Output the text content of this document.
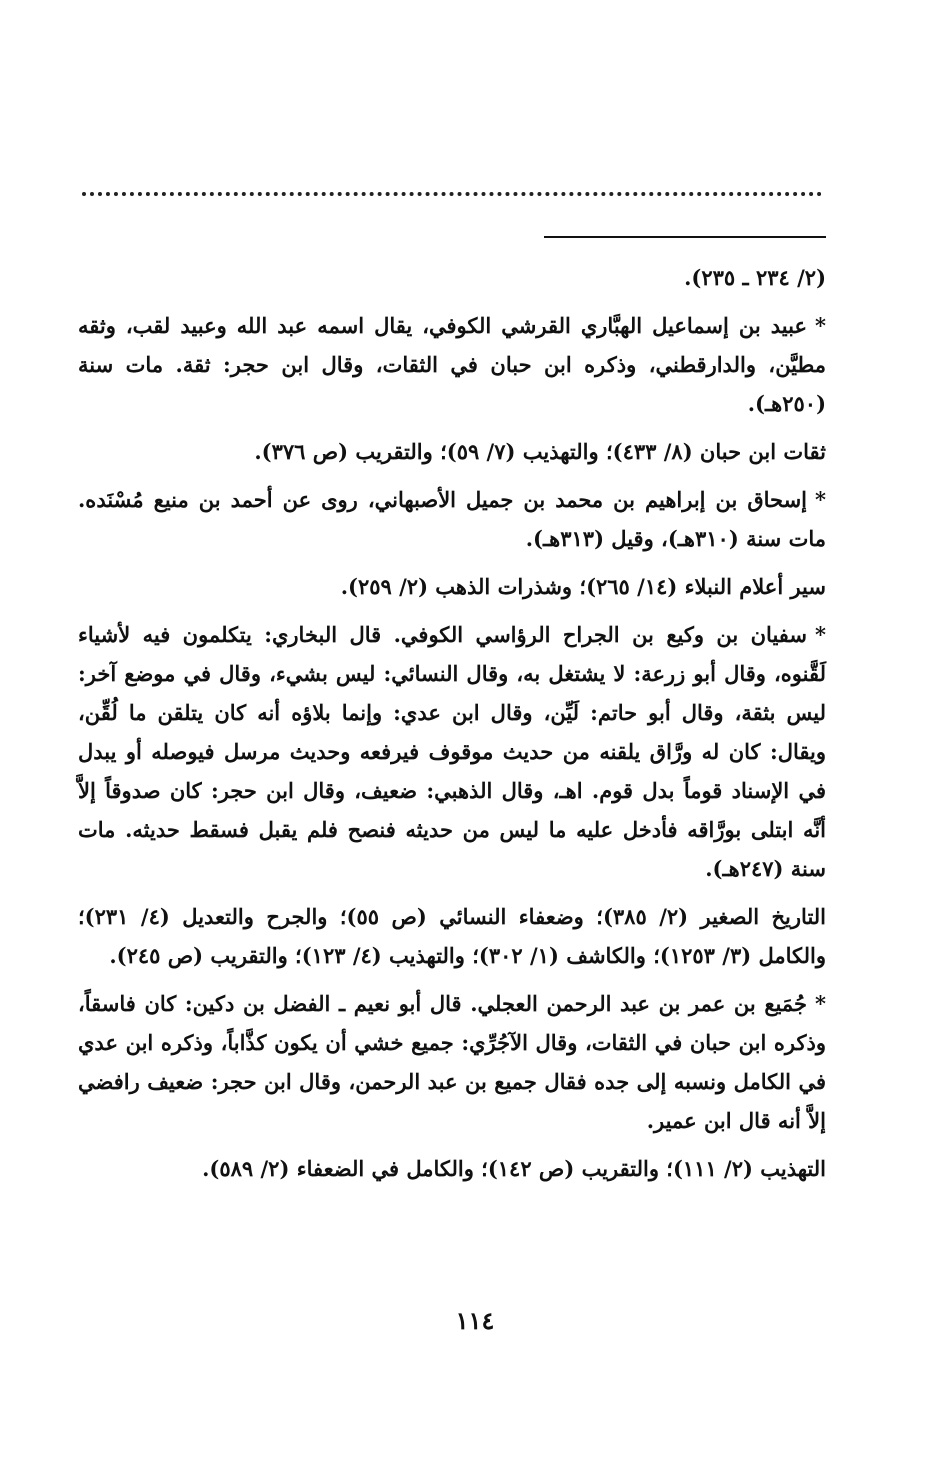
(٢/ ٢٣٤ ـ ٢٣٥).

*عبيد بن إسماعيل الهبَّاري القرشي الكوفي، يقال اسمه عبد الله وعبيد لقب، وثقه مطيَّن، والدارقطني، وذكره ابن حبان في الثقات، وقال ابن حجر: ثقة. مات سنة (٢٥٠هـ).

ثقات ابن حبان (٨/ ٤٣٣)؛ والتهذيب (٧/ ٥٩)؛ والتقريب (ص ٣٧٦).

*إسحاق بن إبراهيم بن محمد بن جميل الأصبهاني، روى عن أحمد بن منيع مُسْنَده. مات سنة (٣١٠هـ)، وقيل (٣١٣هـ).

سير أعلام النبلاء (١٤/ ٢٦٥)؛ وشذرات الذهب (٢/ ٢٥٩).

*سفيان بن وكيع بن الجراح الرؤاسي الكوفي. قال البخاري: يتكلمون فيه لأشياء لَقَّنوه، وقال أبو زرعة: لا يشتغل به، وقال النسائي: ليس بشيء، وقال في موضع آخر: ليس بثقة، وقال أبو حاتم: لَيِّن، وقال ابن عدي: وإنما بلاؤه أنه كان يتلقن ما لُقِّن، ويقال: كان له ورَّاق يلقنه من حديث موقوف فيرفعه وحديث مرسل فيوصله أو يبدل في الإسناد قوماً بدل قوم. اهـ، وقال الذهبي: ضعيف، وقال ابن حجر: كان صدوقاً إلاَّ أنَّه ابتلى بورَّاقه فأدخل عليه ما ليس من حديثه فنصح فلم يقبل فسقط حديثه. مات سنة (٢٤٧هـ).

التاريخ الصغير (٢/ ٣٨٥)؛ وضعفاء النسائي (ص ٥٥)؛ والجرح والتعديل (٤/ ٢٣١)؛ والكامل (٣/ ١٢٥٣)؛ والكاشف (١/ ٣٠٢)؛ والتهذيب (٤/ ١٢٣)؛ والتقريب (ص ٢٤٥).

*جُمَيع بن عمر بن عبد الرحمن العجلي. قال أبو نعيم ـ الفضل بن دكين: كان فاسقاً، وذكره ابن حبان في الثقات، وقال الآجُرِّي: جميع خشي أن يكون كذَّاباً، وذكره ابن عدي في الكامل ونسبه إلى جده فقال جميع بن عبد الرحمن، وقال ابن حجر: ضعيف رافضي إلاَّ أنه قال ابن عمير.

التهذيب (٢/ ١١١)؛ والتقريب (ص ١٤٢)؛ والكامل في الضعفاء (٢/ ٥٨٩).

١١٤
